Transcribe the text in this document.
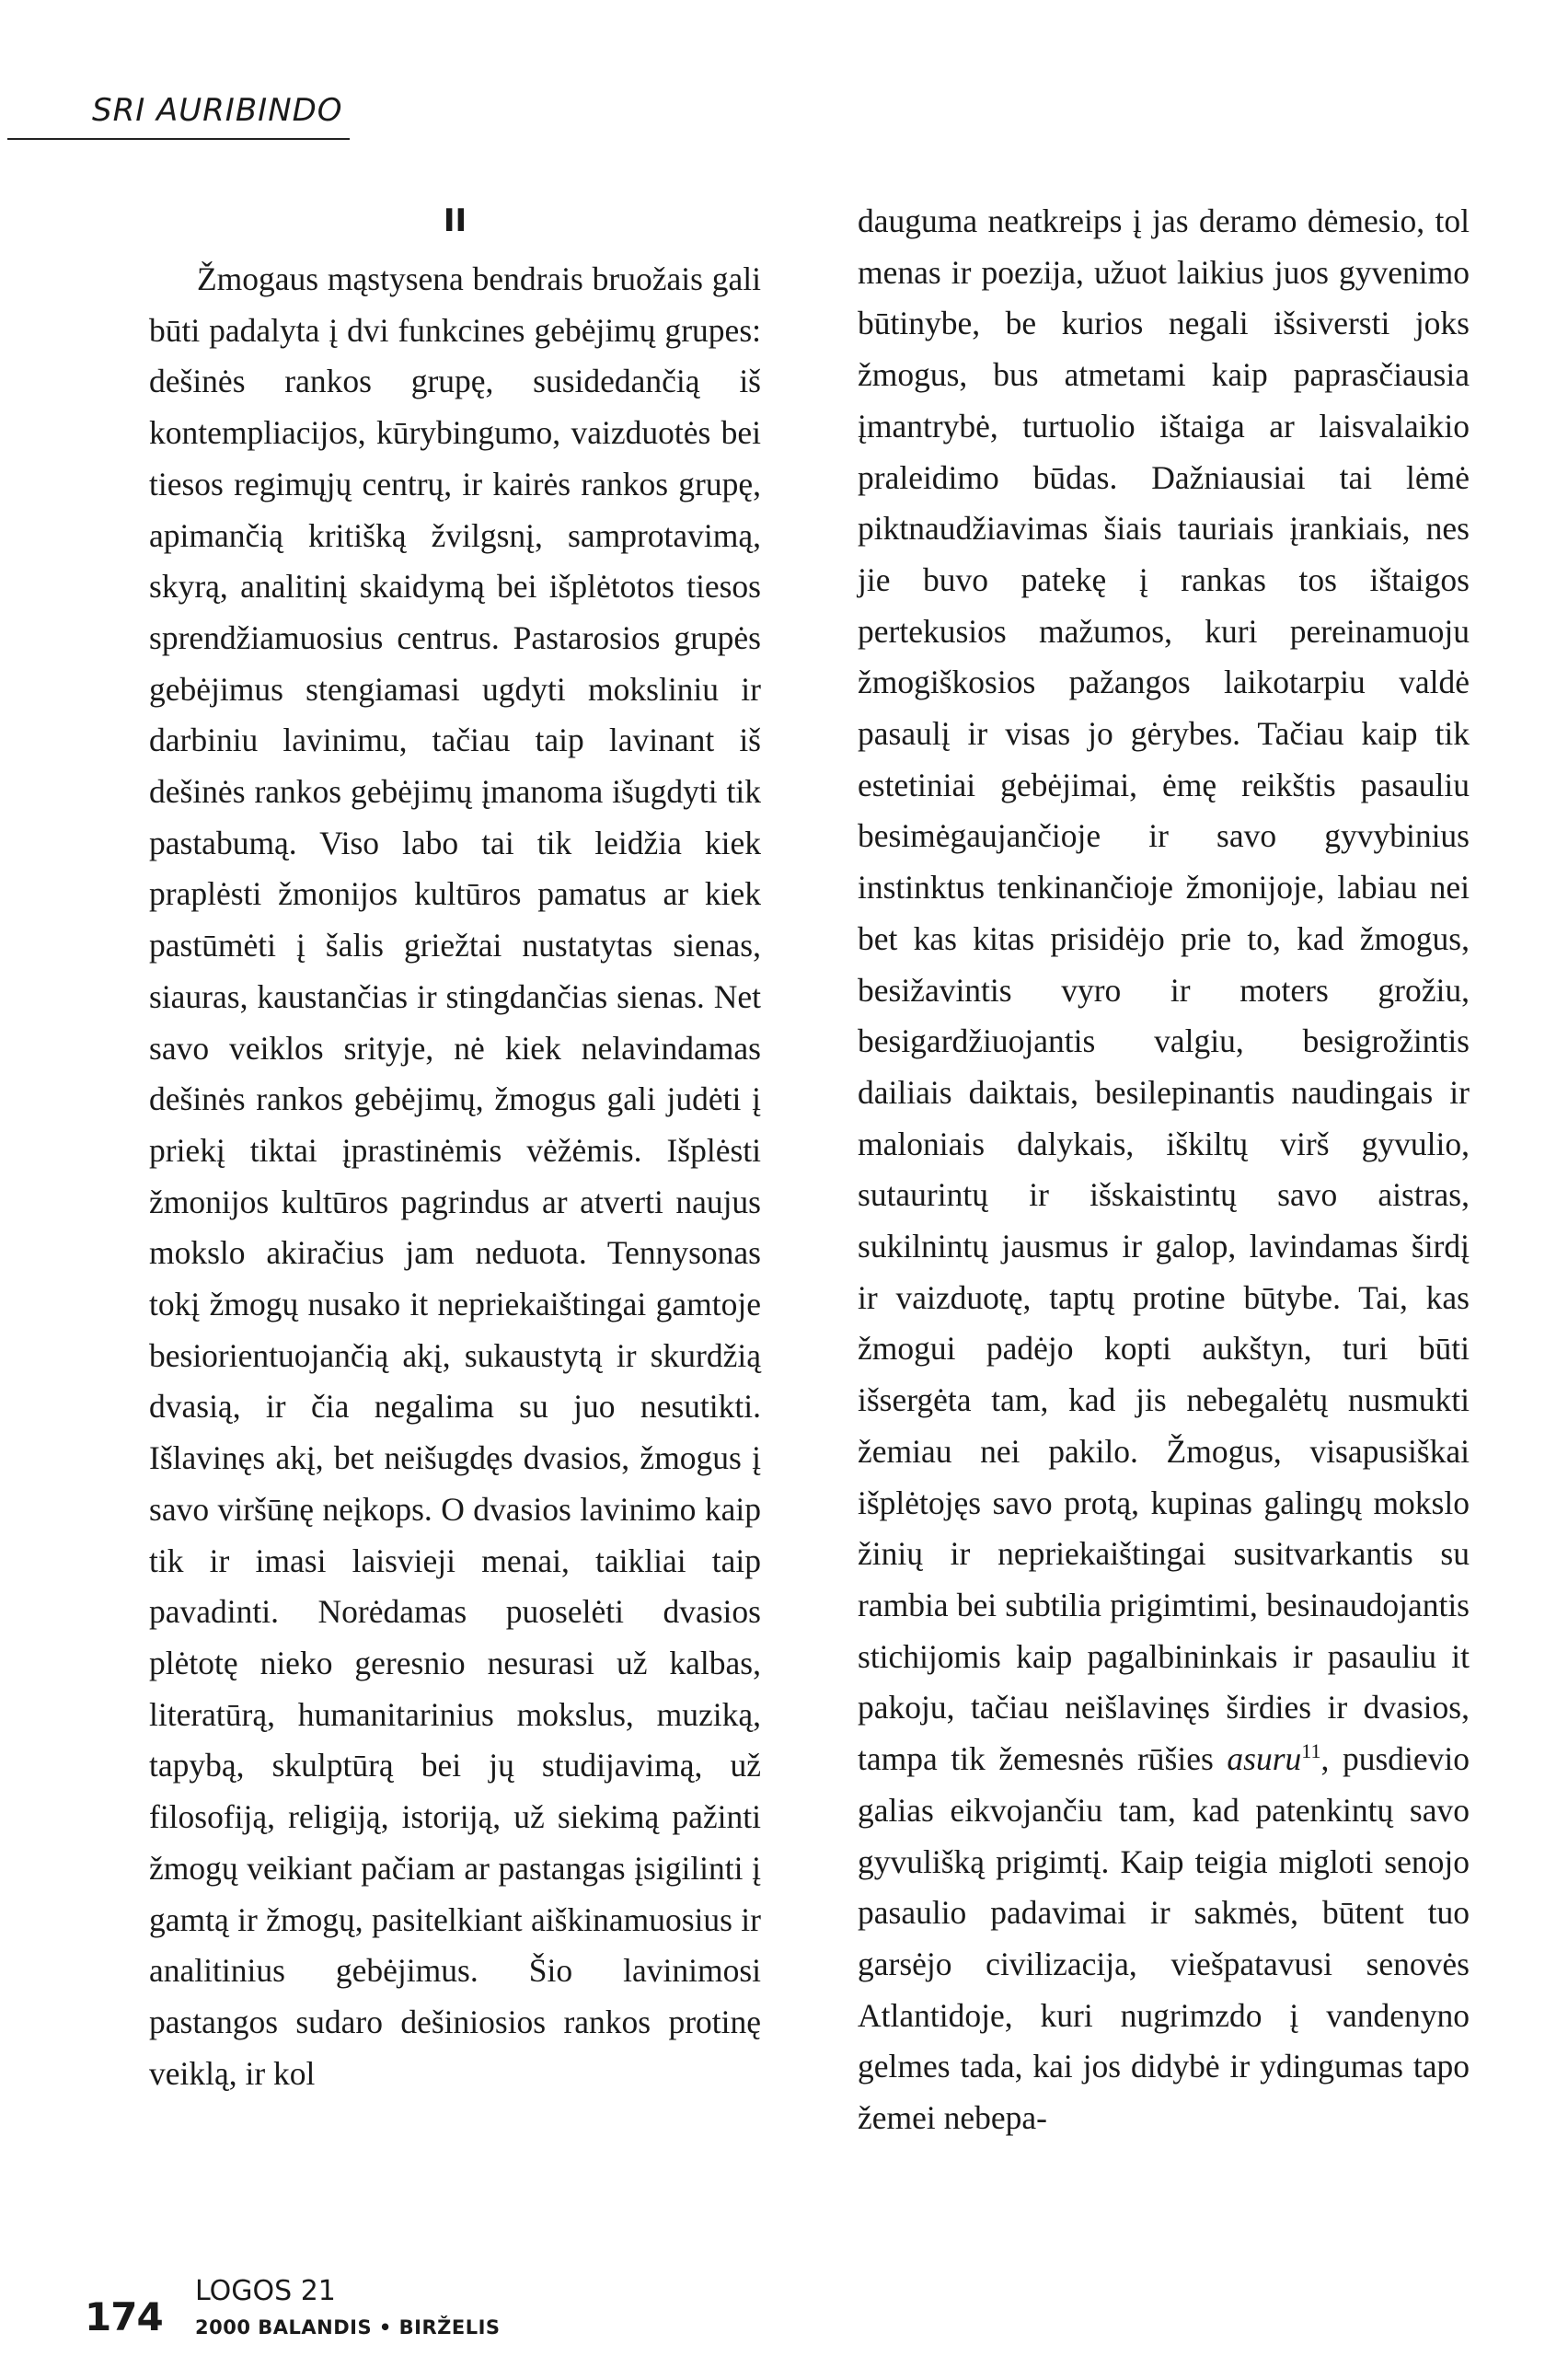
SRI AURIBINDO
II

Žmogaus mąstysena bendrais bruožais gali būti padalyta į dvi funkcines gebėjimų grupes: dešinės rankos grupę, susidedančią iš kontempliacijos, kūrybingumo, vaizduotės bei tiesos regimųjų centrų, ir kairės rankos grupę, apimančią kritišką žvilgsnį, samprotavimą, skyrą, analitinį skaidymą bei išplėtotos tiesos sprendžiamuosius centrus. Pastarosios grupės gebėjimus stengiamasi ugdyti moksliniu ir darbiniu lavinimu, tačiau taip lavinant iš dešinės rankos gebėjimų įmanoma išugdyti tik pastabumą. Viso labo tai tik leidžia kiek praplėsti žmonijos kultūros pamatus ar kiek pastūmėti į šalis griežtai nustatytas sienas, siauras, kaustančias ir stingdančias sienas. Net savo veiklos srityje, nė kiek nelavindamas dešinės rankos gebėjimų, žmogus gali judėti į priekį tiktai įprastinėmis vėžėmis. Išplėsti žmonijos kultūros pagrindus ar atverti naujus mokslo akiračius jam neduota. Tennysonas tokį žmogų nusako it nepriekaištingai gamtoje besiorientuojančią akį, sukaustytą ir skurdžią dvasią, ir čia negalima su juo nesutikti. Išlavinęs akį, bet neišugdęs dvasios, žmogus į savo viršūnę neįkops. O dvasios lavinimo kaip tik ir imasi laisvieji menai, taikliai taip pavadinti. Norėdamas puoselėti dvasios plėtotę nieko geresnio nesurasi už kalbas, literatūrą, humanitarinius mokslus, muziką, tapybą, skulptūrą bei jų studijavimą, už filosofiją, religiją, istoriją, už siekimą pažinti žmogų veikiant pačiam ar pastangas įsigilinti į gamtą ir žmogų, pasitelkiant aiškinamuosius ir analitinius gebėjimus. Šio lavinimosi pastangos sudaro dešiniosios rankos protinę veiklą, ir kol

dauguma neatkreips į jas deramo dėmesio, tol menas ir poezija, užuot laikius juos gyvenimo būtinybe, be kurios negali išsiversti joks žmogus, bus atmetami kaip paprasčiausia įmantrybė, turtuolio ištaiga ar laisvalaikio praleidimo būdas. Dažniausiai tai lėmė piktnaudžiavimas šiais tauriais įrankiais, nes jie buvo patekę į rankas tos ištaigos pertekusios mažumos, kuri pereinamuoju žmogiškosios pažangos laikotarpiu valdė pasaulį ir visas jo gėrybes. Tačiau kaip tik estetiniai gebėjimai, ėmę reikštis pasauliu besimėgaujančioje ir savo gyvybinius instinktus tenkinančioje žmonijoje, labiau nei bet kas kitas prisidėjo prie to, kad žmogus, besižavintis vyro ir moters grožiu, besigardžiuojantis valgiu, besigrožintis dailiais daiktais, besilepinantis naudingais ir maloniais dalykais, iškiltų virš gyvulio, sutaurintų ir išskaistintų savo aistras, sukilnintų jausmus ir galop, lavindamas širdį ir vaizduotę, taptų protine būtybe. Tai, kas žmogui padėjo kopti aukštyn, turi būti išsergėta tam, kad jis nebegalėtų nusmukti žemiau nei pakilo. Žmogus, visapusiškai išplėtojęs savo protą, kupinas galingų mokslo žinių ir nepriekaištingai susitvarkantis su rambia bei subtilia prigimtimi, besinaudojantis stichijomis kaip pagalbininkais ir pasauliu it pakoju, tačiau neišlavinęs širdies ir dvasios, tampa tik žemesnės rūšies asuru$^{11}$, pusdievio galias eikvojančiu tam, kad patenkintų savo gyvulišką prigimtį. Kaip teigia migloti senojo pasaulio padavimai ir sakmės, būtent tuo garsėjo civilizacija, viešpatavusi senovės Atlantidoje, kuri nugrimzdo į vandenyno gelmes tada, kai jos didybė ir ydingumas tapo žemei nebepa-

174
LOGOS 21
2000 BALANDIS • BIRŽELIS
